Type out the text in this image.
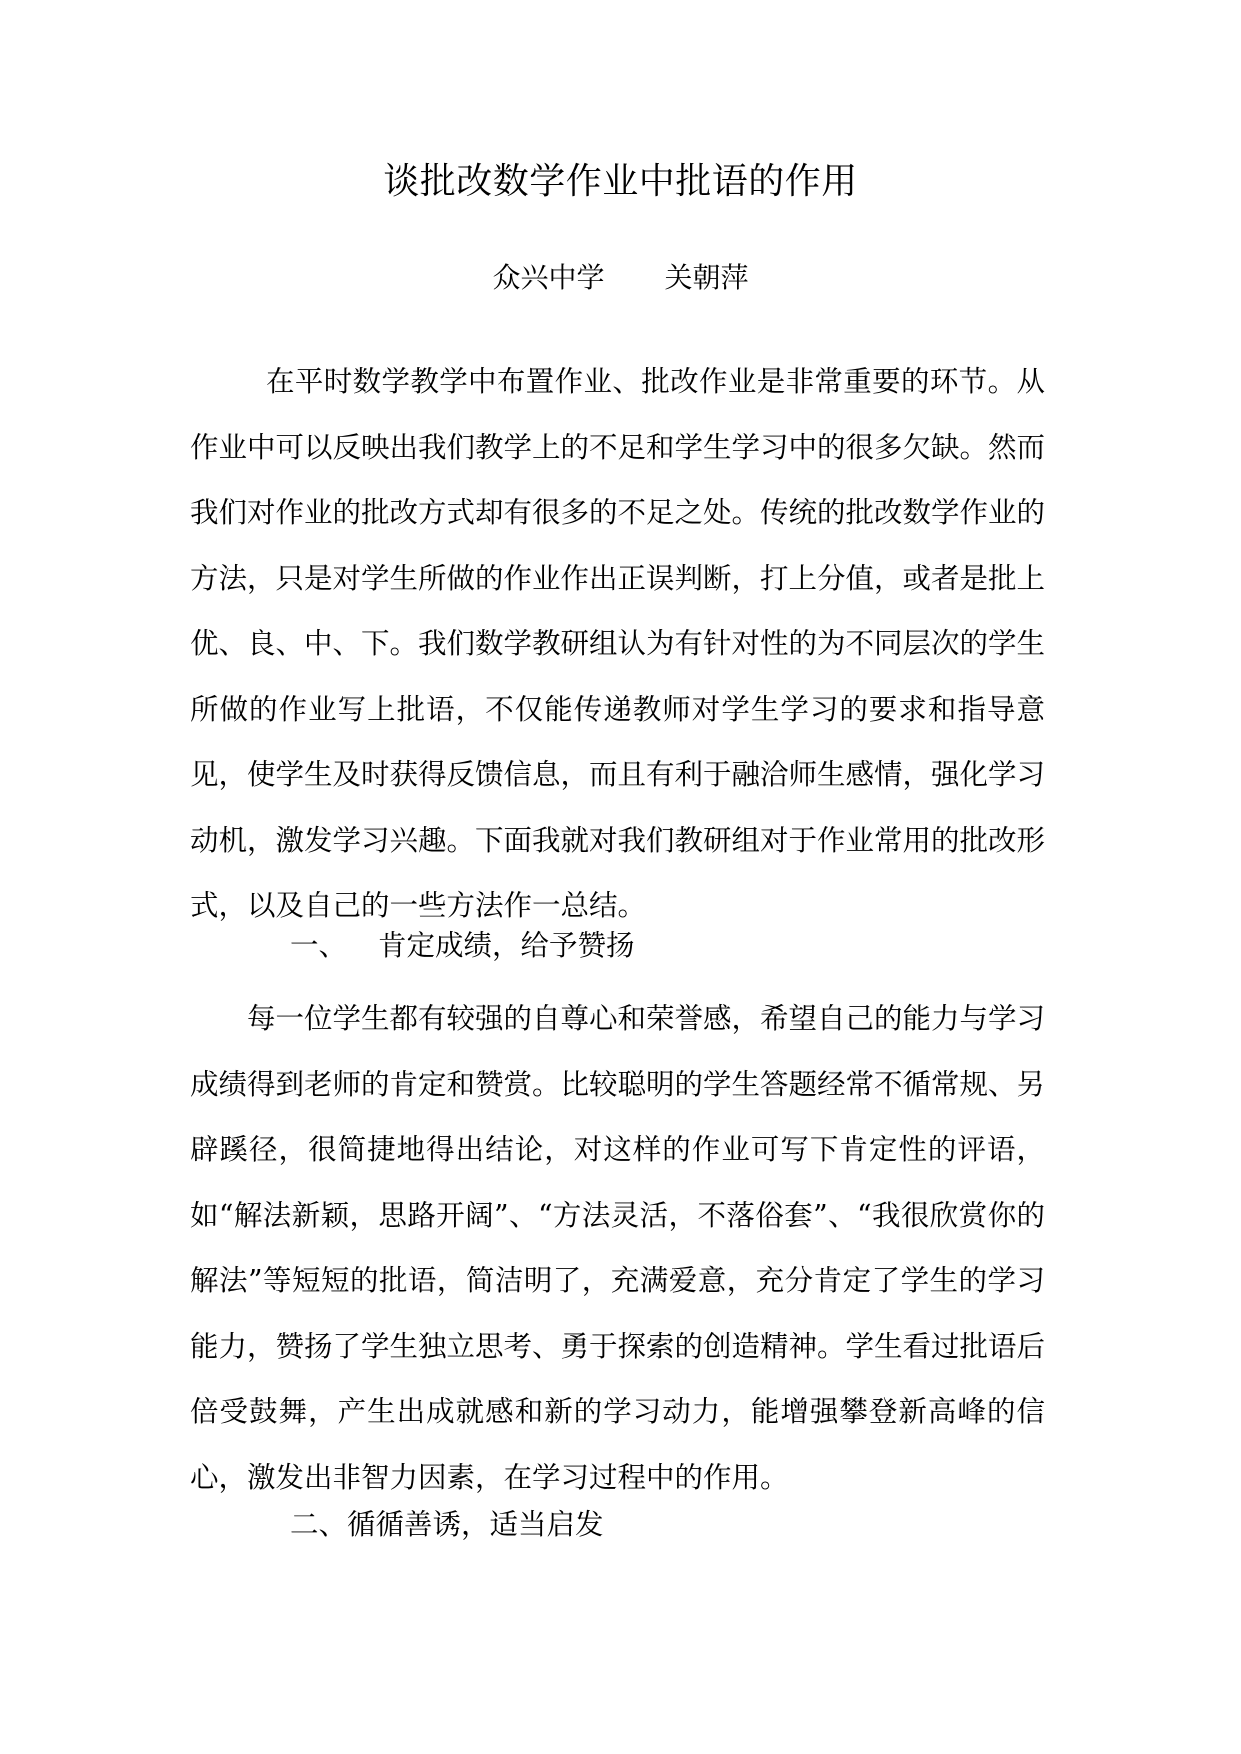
谈批改数学作业中批语的作用
众兴中学 关朝萍

在平时数学教学中布置作业、批改作业是非常重要的环节。从作业中可以反映出我们教学上的不足和学生学习中的很多欠缺。然而我们对作业的批改方式却有很多的不足之处。传统的批改数学作业的方法，只是对学生所做的作业作出正误判断，打上分值，或者是批上优、良、中、下。我们数学教研组认为有针对性的为不同层次的学生所做的作业写上批语，不仅能传递教师对学生学习的要求和指导意见，使学生及时获得反馈信息，而且有利于融洽师生感情，强化学习动机，激发学习兴趣。下面我就对我们教研组对于作业常用的批改形式，以及自己的一些方法作一总结。

一、 肯定成绩，给予赞扬

每一位学生都有较强的自尊心和荣誉感，希望自己的能力与学习成绩得到老师的肯定和赞赏。比较聪明的学生答题经常不循常规、另辟蹊径，很简捷地得出结论，对这样的作业可写下肯定性的评语，如“解法新颖，思路开阔”、“方法灵活，不落俗套”、“我很欣赏你的解法”等短短的批语，简洁明了，充满爱意，充分肯定了学生的学习能力，赞扬了学生独立思考、勇于探索的创造精神。学生看过批语后倍受鼓舞，产生出成就感和新的学习动力，能增强攀登新高峰的信心，激发出非智力因素，在学习过程中的作用。

二、循循善诱，适当启发
